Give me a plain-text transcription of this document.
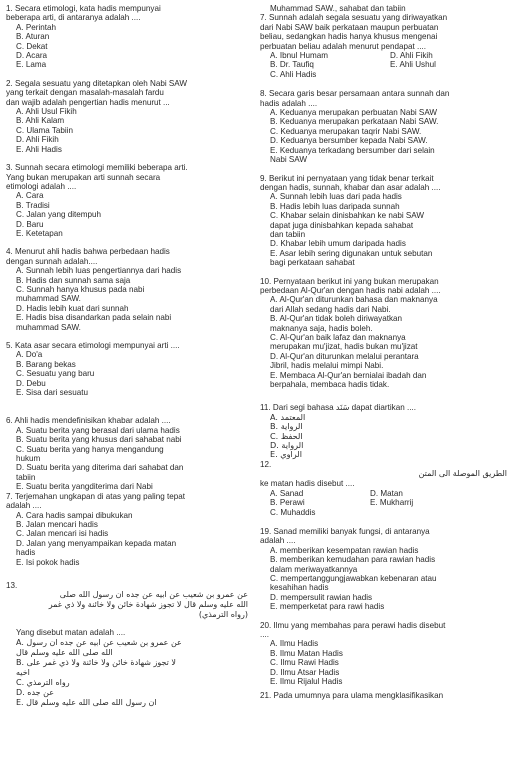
1. Secara etimologi, kata hadis mempunyai
beberapa arti, di antaranya adalah ....
A. Perintah
B. Aturan
C. Dekat
D. Acara
E. Lama
2. Segala sesuatu yang ditetapkan oleh Nabi SAW
yang terkait dengan masalah-masalah fardu
dan wajib adalah pengertian hadis menurut ...
A. Ahli Usul Fikih
B. Ahli Kalam
C. Ulama Tabiin
D. Ahli Fikih
E. Ahli Hadis
3. Sunnah secara etimologi memiliki beberapa arti.
Yang bukan merupakan arti sunnah secara
etimologi adalah ....
A. Cara
B. Tradisi
C. Jalan yang ditempuh
D. Baru
E. Ketetapan
4. Menurut ahli hadis bahwa perbedaan hadis
dengan sunnah adalah....
A. Sunnah lebih luas pengertiannya dari hadis
B. Hadis dan sunnah sama saja
C. Sunnah hanya khusus pada nabi
muhammad SAW.
D. Hadis lebih kuat dari sunnah
E. Hadis bisa disandarkan pada selain nabi
muhammad SAW.
5. Kata asar secara etimologi mempunyai arti ....
A. Do'a
B. Barang bekas
C. Sesuatu yang baru
D. Debu
E. Sisa dari sesuatu
6. Ahli hadis mendefinisikan khabar adalah ....
A. Suatu berita yang berasal dari ulama hadis
B. Suatu berita yang khusus dari sahabat nabi
C. Suatu berita yang hanya mengandung
hukum
D. Suatu berita yang diterima dari sahabat dan
tabiin
E. Suatu berita yangditerima dari Nabi
7. Terjemahan ungkapan di atas yang paling tepat
adalah ....
A. Cara hadis sampai dibukukan
B. Jalan mencari hadis
C. Jalan mencari isi hadis
D. Jalan yang menyampaikan kepada matan
hadis
E. Isi pokok hadis
13.
عن عمرو بن شعيب عن ابيه عن جده ان رسول الله صلى
الله عليه وسلم قال لا تجوز شهادة خائن ولا خائنة ولا ذي غمر
(رواه الترمذي)
Yang disebut matan adalah ....
A. عن عمرو بن شعيب عن ابيه عن جده ان رسول
الله صلى الله عليه وسلم قال
B. لا تجوز شهادة خائن ولا خائنة ولا ذي غمر على
اخيه
C. رواه الترمذي
D. عن جده
E. ان رسول الله صلى الله عليه وسلم قال
Muhammad SAW., sahabat dan tabiin
7. Sunnah adalah segala sesuatu yang diriwayatkan
dari Nabi SAW baik perkataan maupun perbuatan
beliau, sedangkan hadis hanya khusus mengenai
perbuatan beliau adalah menurut pendapat ....
A. Ibnul Humam	D. Ahli Fikih
B. Dr. Taufiq	E. Ahli Ushul
C. Ahli Hadis
8. Secara garis besar persamaan antara sunnah dan
hadis adalah ....
A. Keduanya merupakan perbuatan Nabi SAW
B. Keduanya merupakan perkataan Nabi SAW.
C. Keduanya merupakan taqrir Nabi SAW.
D. Keduanya bersumber kepada Nabi SAW.
E. Keduanya terkadang bersumber dari selain
Nabi SAW
9. Berikut ini pernyataan yang tidak benar terkait
dengan hadis, sunnah, khabar dan asar adalah ....
A. Sunnah lebih luas dari pada hadis
B. Hadis lebih luas daripada sunnah
C. Khabar selain dinisbahkan ke nabi SAW
dapat juga dinisbahkan kepada sahabat
dan tabiin
D. Khabar lebih umum daripada hadis
E. Asar lebih sering digunakan untuk sebutan
bagi perkataan sahabat
10. Pernyataan berikut ini yang bukan merupakan
perbedaan Al-Qur'an dengan hadis nabi adalah ....
A. Al-Qur'an diturunkan bahasa dan maknanya
dari Allah sedang hadis dari Nabi.
B. Al-Qur'an tidak boleh diriwayatkan
maknanya saja, hadis boleh.
C. Al-Qur'an baik lafaz dan maknanya
merupakan mu'jizat, hadis bukan mu'jizat
D. Al-Qur'an diturunkan melalui perantara
Jibril, hadis melalui mimpi Nabi.
E. Membaca Al-Qur'an bernialai ibadah dan
berpahala, membaca hadis tidak.
11. Dari segi bahasa سَنَد dapat diartikan ....
A. المعتمد
B. الرواية
C. الحفظ
D. الرواية
E. الراوي
12.
الطريق الموصلة الى المتن
ke matan hadis disebut ....
A. Sanad	D. Matan
B. Perawi	E. Mukharrij
C. Muhaddis
19. Sanad memiliki banyak fungsi, di antaranya
adalah ....
A. memberikan kesempatan rawian hadis
B. memberikan kemudahan para rawian hadis
dalam meriwayatkannya
C. mempertanggungjawabkan kebenaran atau
kesahihan hadis
D. mempersulit rawian hadis
E. memperketat para rawi hadis
20. Ilmu yang membahas para perawi hadis disebut
....
A. Ilmu Hadis
B. Ilmu Matan Hadis
C. Ilmu Rawi Hadis
D. Ilmu Atsar Hadis
E. Ilmu Rijalul Hadis
21. Pada umumnya para ulama mengklasifikasikan
